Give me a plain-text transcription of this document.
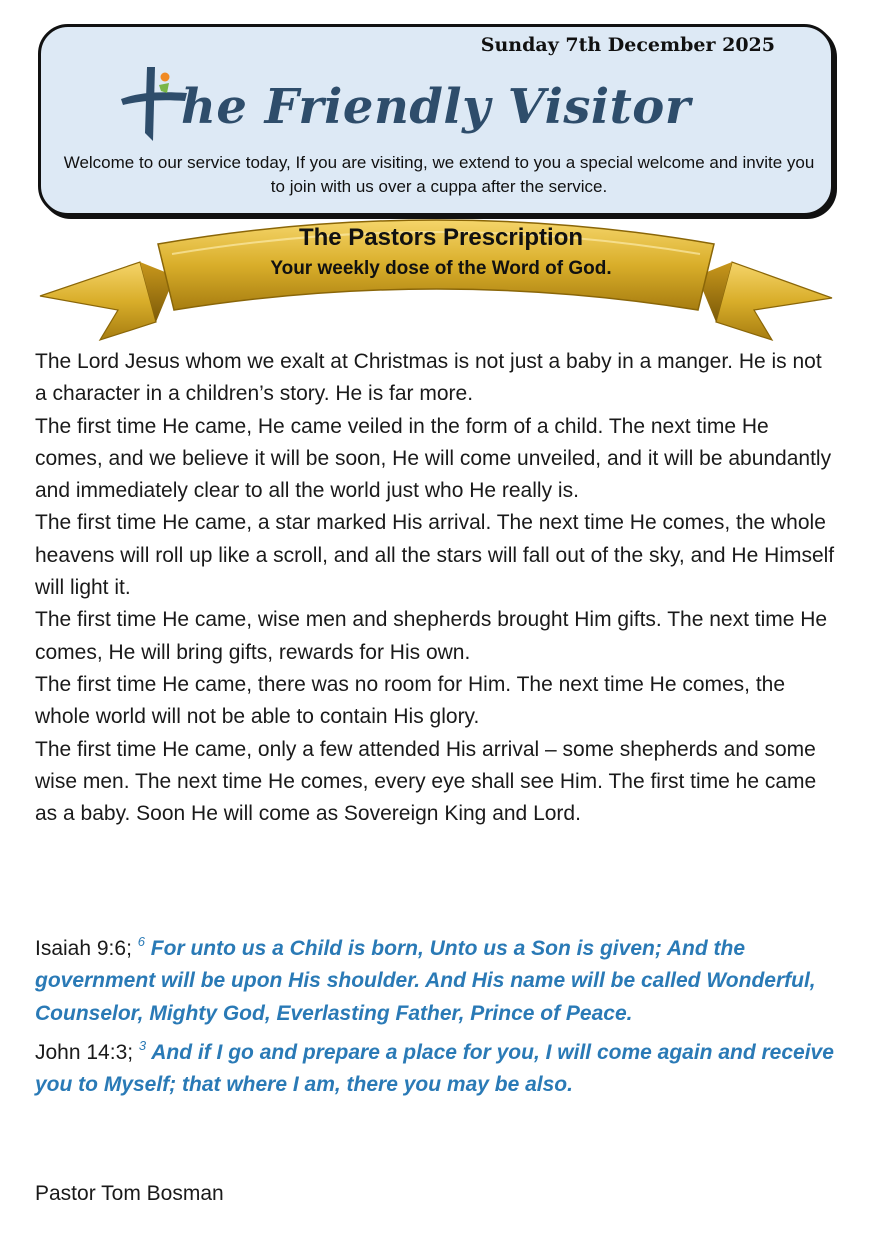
Sunday 7th December 2025
he Friendly Visitor
Welcome to our service today, If you are visiting, we extend to you a special welcome and invite you to join with us over a cuppa after the service.
The Pastors Prescription
Your weekly dose of the Word of God.

The Lord Jesus whom we exalt at Christmas is not just a baby in a manger. He is not a character in a children’s story. He is far more.

The first time He came, He came veiled in the form of a child. The next time He comes, and we believe it will be soon, He will come unveiled, and it will be abundantly and immediately clear to all the world just who He really is.

The first time He came, a star marked His arrival. The next time He comes, the whole heavens will roll up like a scroll, and all the stars will fall out of the sky, and He Himself will light it.

The first time He came, wise men and shepherds brought Him gifts. The next time He comes, He will bring gifts, rewards for His own.

The first time He came, there was no room for Him. The next time He comes, the whole world will not be able to contain His glory.

The first time He came, only a few attended His arrival – some shepherds and some wise men. The next time He comes, every eye shall see Him. The first time he came as a baby. Soon He will come as Sovereign King and Lord.

Isaiah 9:6; $^6$ For unto us a Child is born, Unto us a Son is given; And the government will be upon His shoulder. And His name will be called Wonderful, Counselor, Mighty God, Everlasting Father, Prince of Peace.

John 14:3; $^3$ And if I go and prepare a place for you, I will come again and receive you to Myself; that where I am, there you may be also.

Pastor Tom Bosman
